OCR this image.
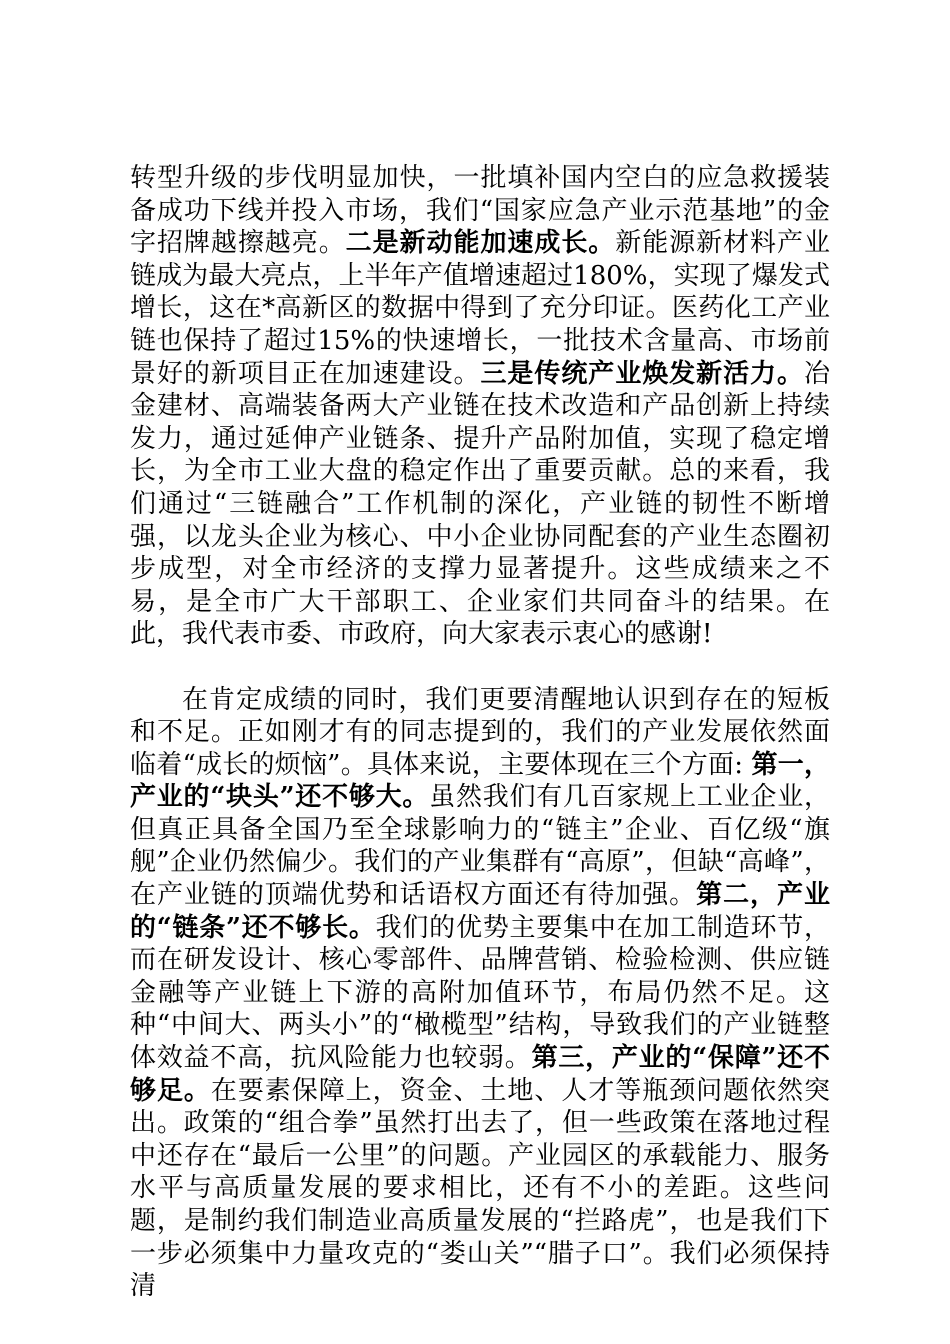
转型升级的步伐明显加快，一批填补国内空白的应急救援装备成功下线并投入市场，我们“国家应急产业示范基地”的金字招牌越擦越亮。二是新动能加速成长。新能源新材料产业链成为最大亮点，上半年产值增速超过180%，实现了爆发式增长，这在*高新区的数据中得到了充分印证。医药化工产业链也保持了超过15%的快速增长，一批技术含量高、市场前景好的新项目正在加速建设。三是传统产业焕发新活力。冶金建材、高端装备两大产业链在技术改造和产品创新上持续发力，通过延伸产业链条、提升产品附加值，实现了稳定增长，为全市工业大盘的稳定作出了重要贡献。总的来看，我们通过“三链融合”工作机制的深化，产业链的韧性不断增强，以龙头企业为核心、中小企业协同配套的产业生态圈初步成型，对全市经济的支撑力显著提升。这些成绩来之不易，是全市广大干部职工、企业家们共同奋斗的结果。在此，我代表市委、市政府，向大家表示衷心的感谢!

在肯定成绩的同时，我们更要清醒地认识到存在的短板和不足。正如刚才有的同志提到的，我们的产业发展依然面临着“成长的烦恼”。具体来说，主要体现在三个方面: 第一，产业的“块头”还不够大。虽然我们有几百家规上工业企业，但真正具备全国乃至全球影响力的“链主”企业、百亿级“旗舰”企业仍然偏少。我们的产业集群有“高原”，但缺“高峰”，在产业链的顶端优势和话语权方面还有待加强。第二，产业的“链条”还不够长。我们的优势主要集中在加工制造环节，而在研发设计、核心零部件、品牌营销、检验检测、供应链金融等产业链上下游的高附加值环节，布局仍然不足。这种“中间大、两头小”的“橄榄型”结构，导致我们的产业链整体效益不高，抗风险能力也较弱。第三，产业的“保障”还不够足。在要素保障上，资金、土地、人才等瓶颈问题依然突出。政策的“组合拳”虽然打出去了，但一些政策在落地过程中还存在“最后一公里”的问题。产业园区的承载能力、服务水平与高质量发展的要求相比，还有不小的差距。这些问题，是制约我们制造业高质量发展的“拦路虎”，也是我们下一步必须集中力量攻克的“娄山关”“腊子口”。我们必须保持清
